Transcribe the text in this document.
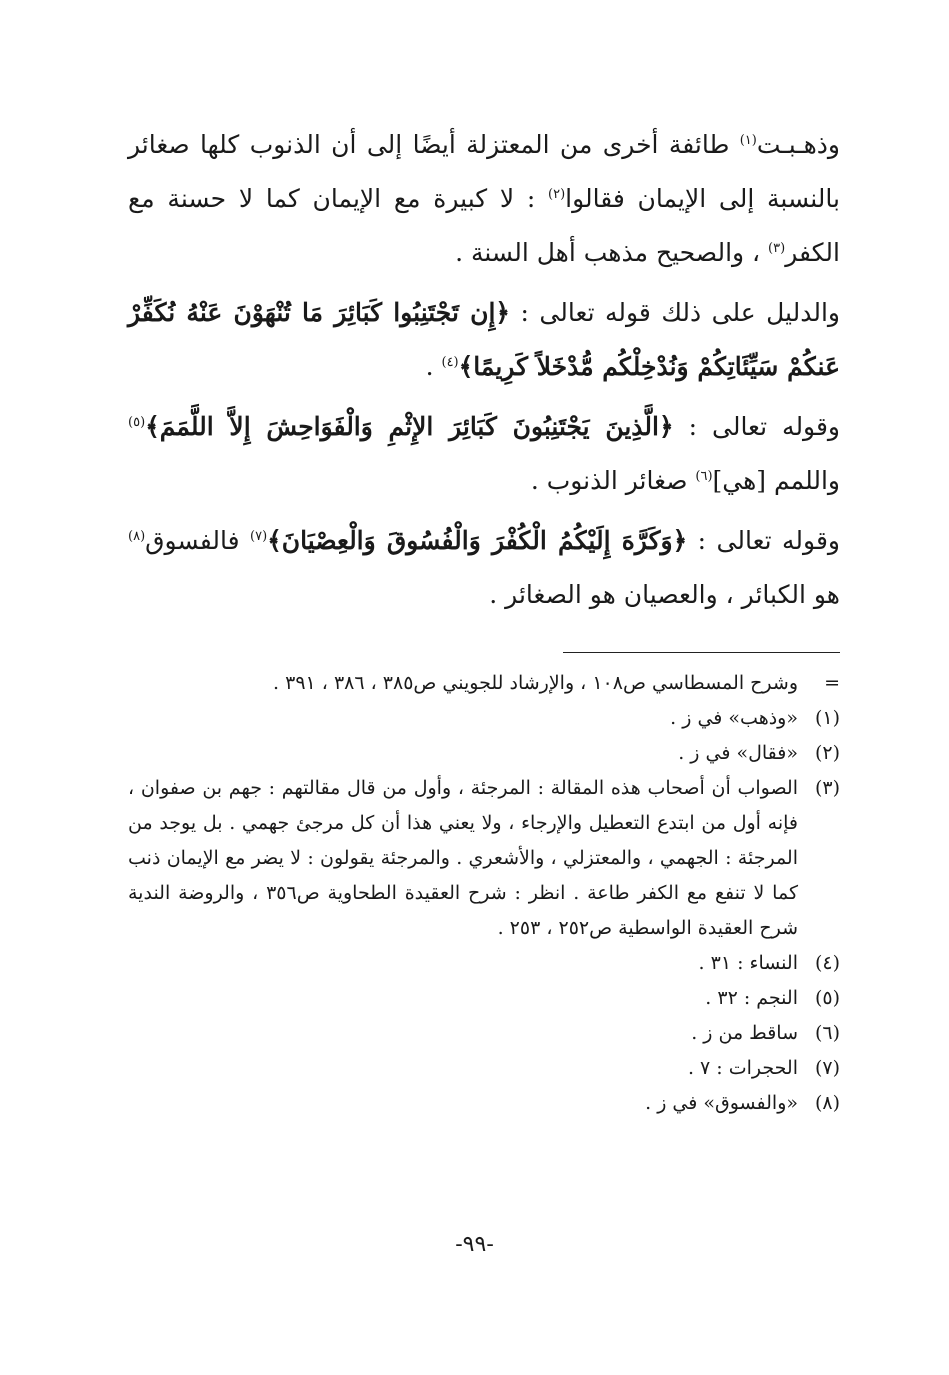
وذهـبـت$^{(١)}$ طائفة أخرى من المعتزلة أيضًا إلى أن الذنوب كلها صغائر بالنسبة إلى الإيمان فقالوا$^{(٢)}$ : لا كبيرة مع الإيمان كما لا حسنة مع الكفر$^{(٣)}$ ، والصحيح مذهب أهل السنة .

والدليل على ذلك قوله تعالى : ﴿إِن تَجْتَنِبُوا كَبَائِرَ مَا تُنْهَوْنَ عَنْهُ نُكَفِّرْ عَنكُمْ سَيِّئَاتِكُمْ وَنُدْخِلْكُم مُّدْخَلاً كَرِيمًا﴾$^{(٤)}$ .

وقوله تعالى : ﴿الَّذِينَ يَجْتَنِبُونَ كَبَائِرَ الإِثْمِ وَالْفَوَاحِشَ إِلاَّ اللَّمَمَ﴾$^{(٥)}$ واللمم [هي]$^{(٦)}$ صغائر الذنوب .

وقوله تعالى : ﴿وَكَرَّهَ إِلَيْكُمُ الْكُفْرَ وَالْفُسُوقَ وَالْعِصْيَانَ﴾$^{(٧)}$ فالفسوق$^{(٨)}$ هو الكبائر ، والعصيان هو الصغائر .

=
وشرح المسطاسي ص١٠٨ ، والإرشاد للجويني ص٣٨٥ ، ٣٨٦ ، ٣٩١ .
(١)
«وذهب» في ز .
(٢)
«فقال» في ز .
(٣)
الصواب أن أصحاب هذه المقالة : المرجئة ، وأول من قال مقالتهم : جهم بن صفوان ، فإنه أول من ابتدع التعطيل والإرجاء ، ولا يعني هذا أن كل مرجئ جهمي . بل يوجد من المرجئة : الجهمي ، والمعتزلي ، والأشعري . والمرجئة يقولون : لا يضر مع الإيمان ذنب كما لا تنفع مع الكفر طاعة . انظر : شرح العقيدة الطحاوية ص٣٥٦ ، والروضة الندية شرح العقيدة الواسطية ص٢٥٢ ، ٢٥٣ .
(٤)
النساء : ٣١ .
(٥)
النجم : ٣٢ .
(٦)
ساقط من ز .
(٧)
الحجرات : ٧ .
(٨)
«والفسوق» في ز .
-٩٩-
